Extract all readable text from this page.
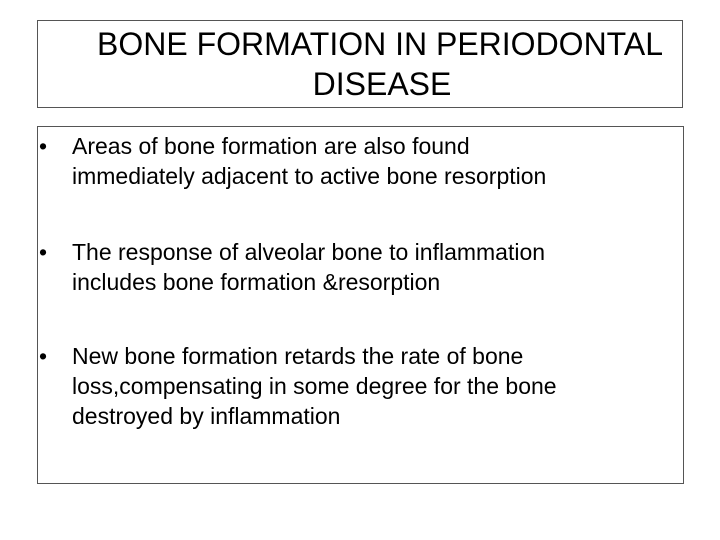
BONE FORMATION IN PERIODONTAL
DISEASE
•	Areas of bone formation are also found
immediately adjacent to active bone resorption
•	The response of alveolar bone to inflammation
includes bone formation &resorption
•	New bone formation retards the rate of bone
loss,compensating in some degree for the bone
destroyed by inflammation
